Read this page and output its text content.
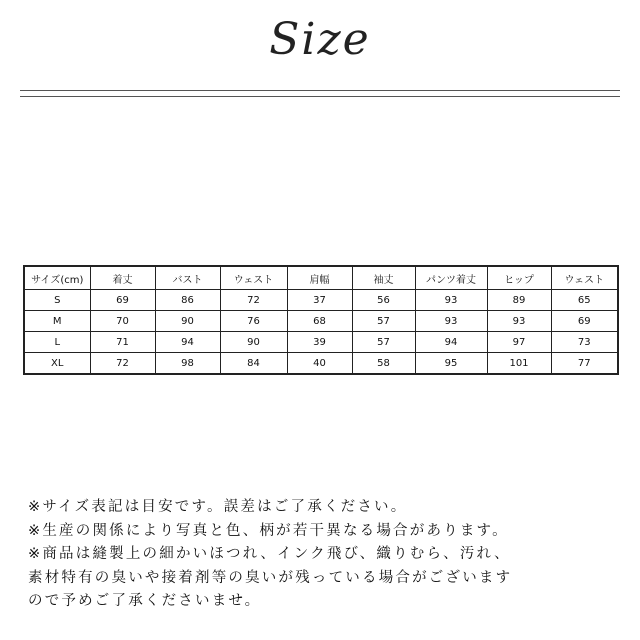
Size
サイズ(cm)	着丈	バスト	ウェスト	肩幅	袖丈	パンツ着丈	ヒップ	ウェスト
S	69	86	72	37	56	93	89	65
M	70	90	76	68	57	93	93	69
L	71	94	90	39	57	94	97	73
XL	72	98	84	40	58	95	101	77
※サイズ表記は目安です。誤差はご了承ください。
※生産の関係により写真と色、柄が若干異なる場合があります。
※商品は縫製上の細かいほつれ、インク飛び、織りむら、汚れ、
素材特有の臭いや接着剤等の臭いが残っている場合がございます
ので予めご了承くださいませ。
